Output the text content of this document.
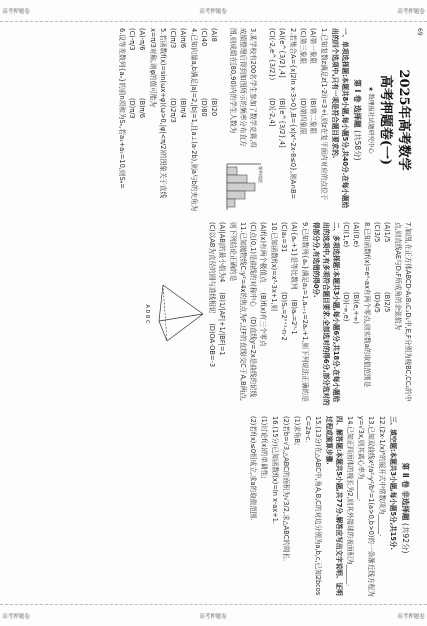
高考押题卷
高考押题卷
高考押题卷
高考押题卷
高考押题卷
高考押题卷
69
2025年高考数学
高考押题卷(一)
★ 数理报社试题研究中心
第 Ⅰ 卷 选择题 (共58分)

一、单项选择题:本题共8小题,每小题5分,共40分.在每小题给出的四个选项中,只有一项是符合题目要求的.

1.已知复数z满足z(1-2i)=3+i,则z在复平面内对应的点位于

(A)第一象限
(B)第二象限
(C)第三象限
(D)第四象限

2.若集合A={x|2ln x-3>0},B={x|x²-2x-8≤0},则A∩B=

(A)(e^{3/2},4]
(B)[e^{3/2},4]
(C)(-2,e^{3/2})
(D)[-2,4]

3.某学校有200名学生参加了数学竞赛,将成绩整理后得到如图所示的频率分布直方图,则成绩在[80,90)内的学生人数为

频率/组距
(A)8
(B)20
(C)40
(D)80

4.已知向量a,b满足|a|=2,|b|=1,且a⊥(a-2b),则a与b的夹角为

(A)π/6
(B)π/4
(C)π/3
(D)2π/3

5.若函数f(x)=sin(ωx+φ)(ω>0,|φ|<π/2)的图象关于直线x=π/3对称,则φ的值可能为

(A)-π/6
(B)π/6
(C)-π/3
(D)π/3

6.设等差数列{aₙ}的前n项和为Sₙ,若a₃+a₇=10,则S₉=

7.如图,在正方体ABCD-A₁B₁C₁D₁中,E,F分别为棱BC,CC₁的中点,则直线AE与D₁F所成角的余弦值为

(A)1/5
(B)2/5
(C)3/5
(D)4/5

8.已知函数f(x)=eˣ-ax有两个零点,则实数a的取值范围是

(A)(0,e)
(B)(e,+∞)
(C)(1,e)
(D)(-∞,e)

二、多项选择题:本题共3小题,每小题6分,共18分.在每小题给出的选项中,有多项符合题目要求.全部选对的得6分,部分选对的得部分分,有选错的得0分.

9.已知数列{aₙ}满足a₁=1,aₙ₊₁=2aₙ+1,则下列说法正确的是

(A){aₙ+1}是等比数列
(B)aₙ=2ⁿ-1
(C)a₅=31
(D)Sₙ=2ⁿ⁺¹-n-2

10.已知函数f(x)=x³-3x+1,则

(A)f(x)有两个极值点
(B)f(x)有三个零点
(C)点(0,1)是曲线的对称中心
(D)直线y=2x是曲线的切线

11.已知抛物线C:y²=4x的焦点为F,过F的直线l交C于A,B两点,则下列结论正确的是

(A)|AB|的最小值为4
(B)1/|AF|+1/|BF|=1
(C)以AB为直径的圆与准线相切
(D)OA·OB=-3
A D B C
第 Ⅱ 卷 非选择题 (共92分)

三、填空题:本题共3小题,每小题5分,共15分.

12.(2x-1/x)⁶的展开式中常数项为______.

13.已知双曲线x²/a²-y²/b²=1(a>0,b>0)的一条渐近线方程为y=√3x,则其离心率为______.

14.已知正四面体的棱长为2,则其外接球的表面积为______.

四、解答题:本题共5小题,共77分.解答应写出文字说明、证明过程或演算步骤.

15.(13分)在△ABC中,角A,B,C的对边分别为a,b,c,已知2bcos C=2a-c.

(1)求角B;

(2)若b=√3,△ABC的面积为√3/2,求△ABC的周长.

16.(15分)已知函数f(x)=ln x-ax+1.

(1)讨论f(x)的单调性;

(2)若f(x)≤0恒成立,求a的取值范围.
